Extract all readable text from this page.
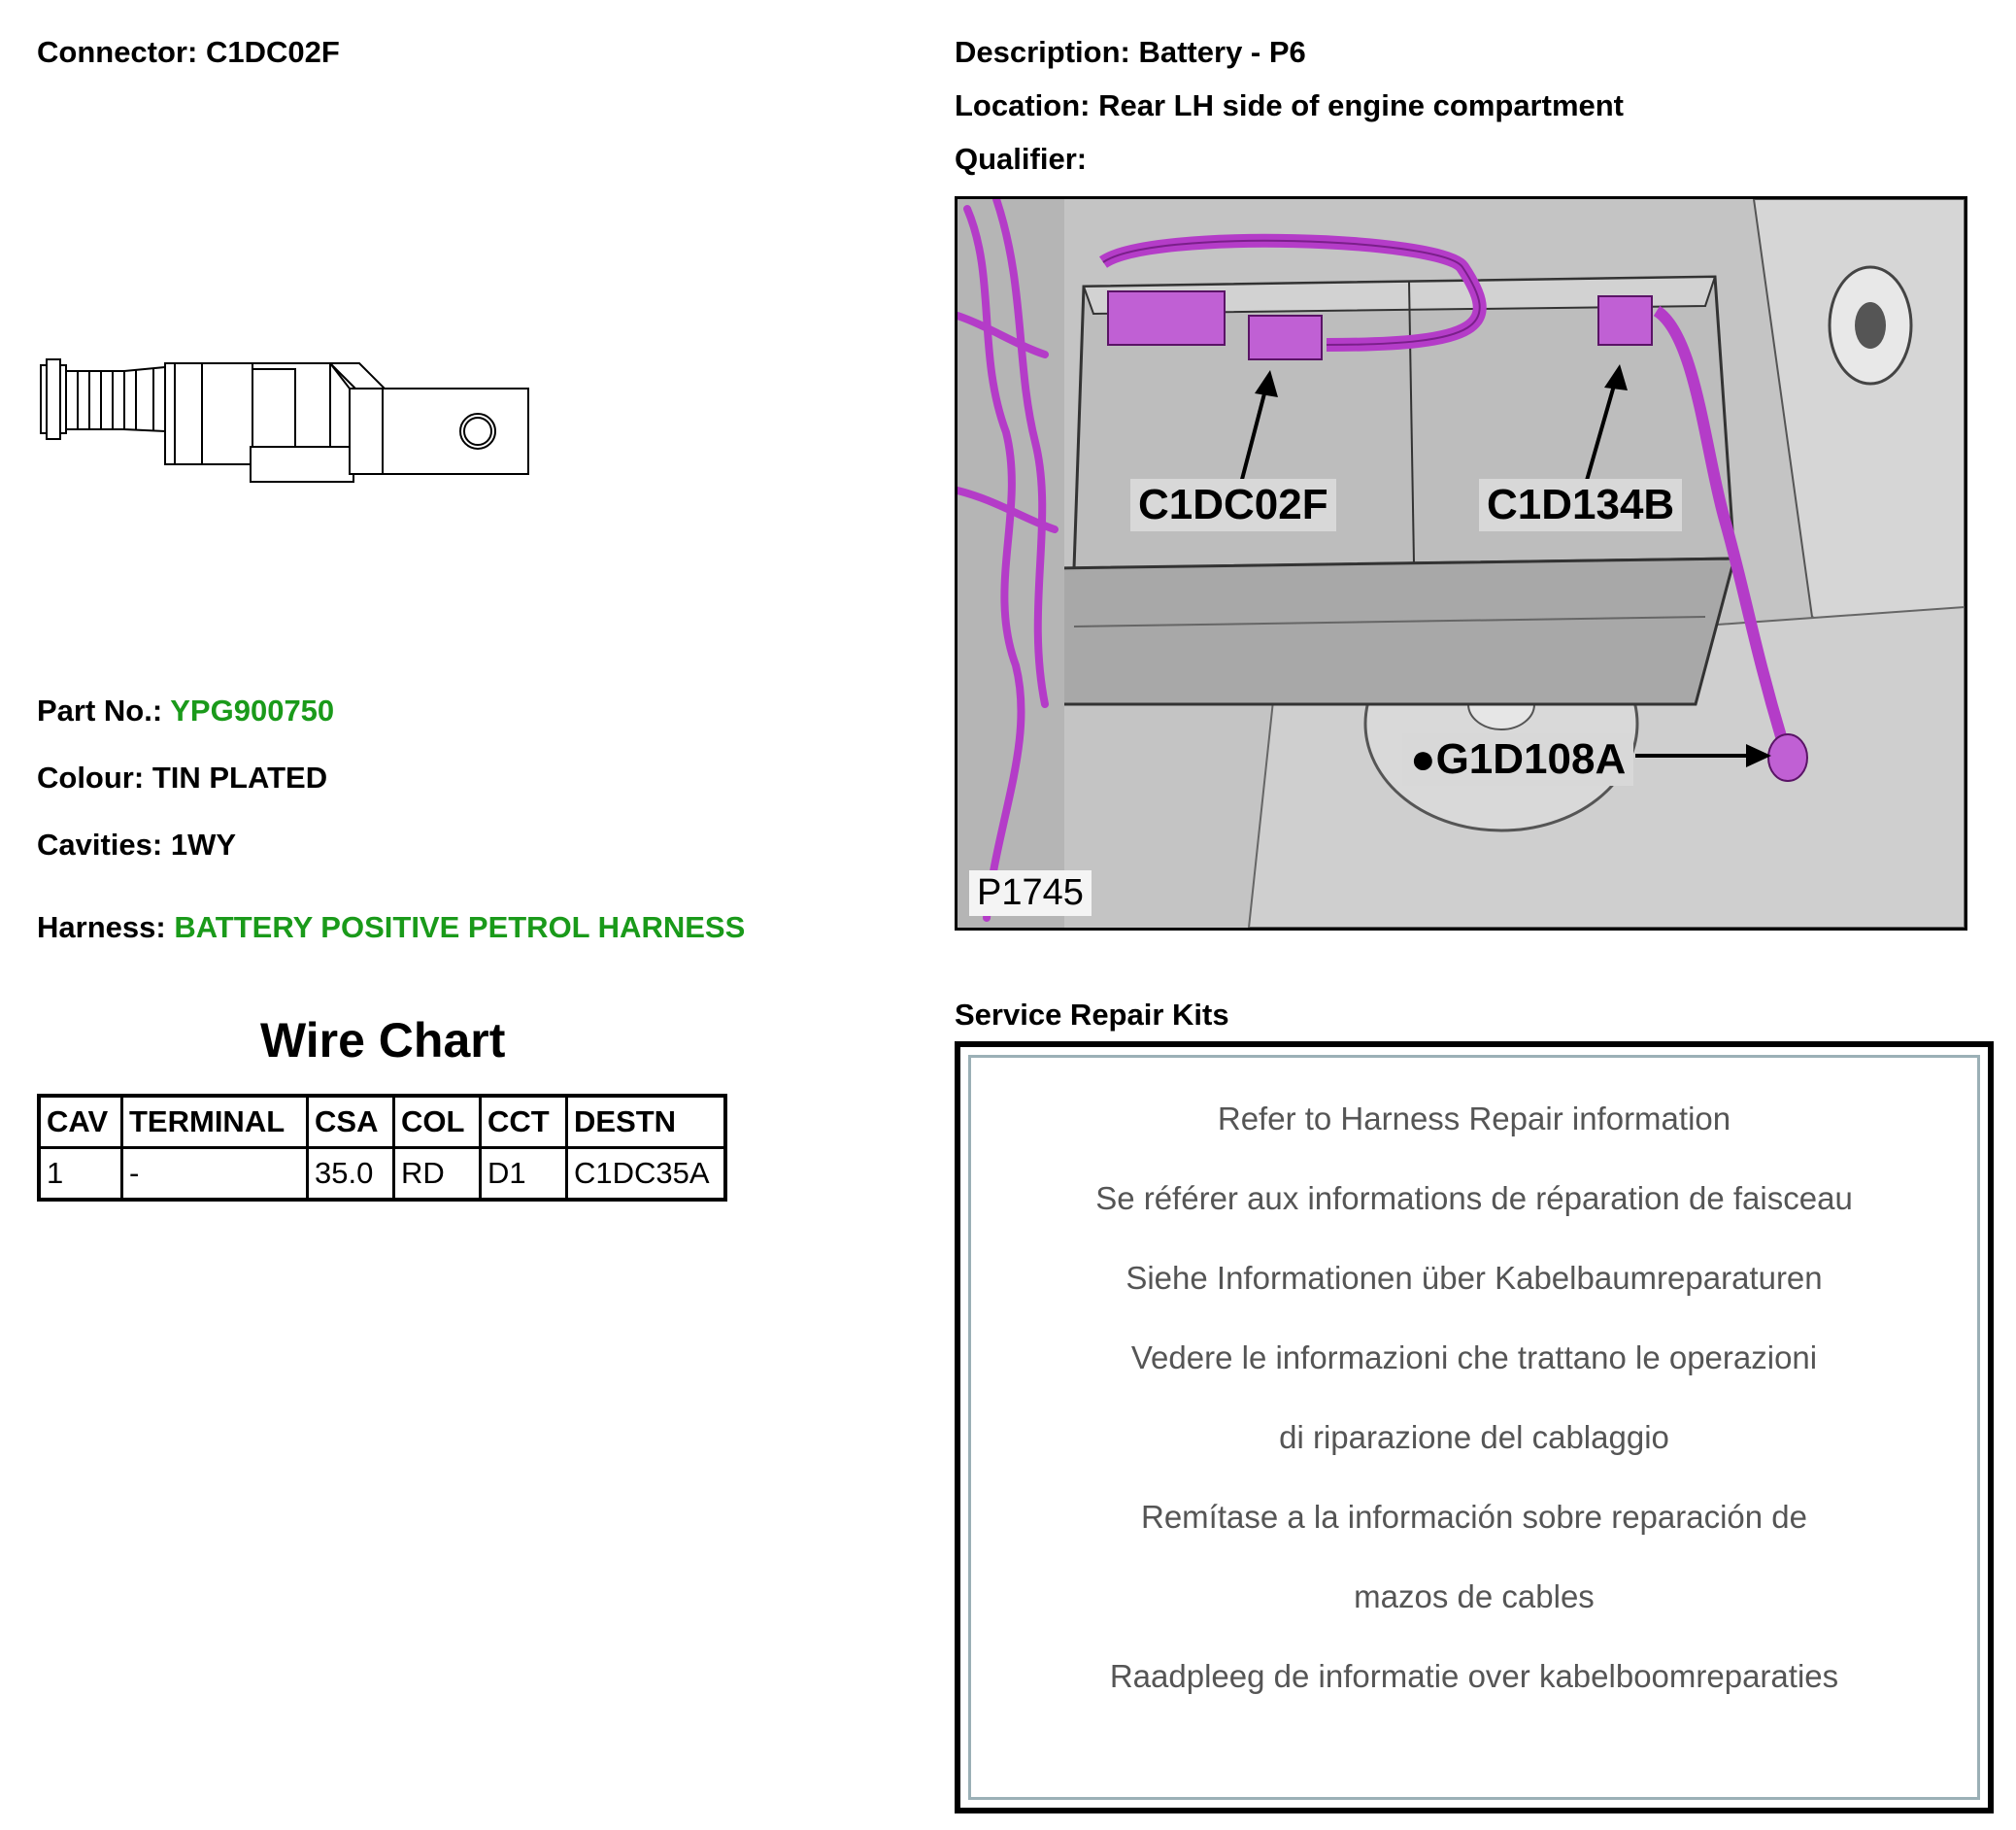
Connector: C1DC02F
Part No.: YPG900750
Colour: TIN PLATED
Cavities: 1WY
Harness: BATTERY POSITIVE PETROL HARNESS
Wire Chart
CAV	TERMINAL	CSA	COL	CCT	DESTN
1	-	35.0	RD	D1	C1DC35A
Description: Battery - P6
Location: Rear LH side of engine compartment
Qualifier:
C1DC02F	C1D134B
●G1D108A
P1745
Service Repair Kits
Refer to Harness Repair information
Se référer aux informations de réparation de faisceau
Siehe Informationen über Kabelbaumreparaturen
Vedere le informazioni che trattano le operazioni
di riparazione del cablaggio
Remítase a la información sobre reparación de
mazos de cables
Raadpleeg de informatie over kabelboomreparaties
